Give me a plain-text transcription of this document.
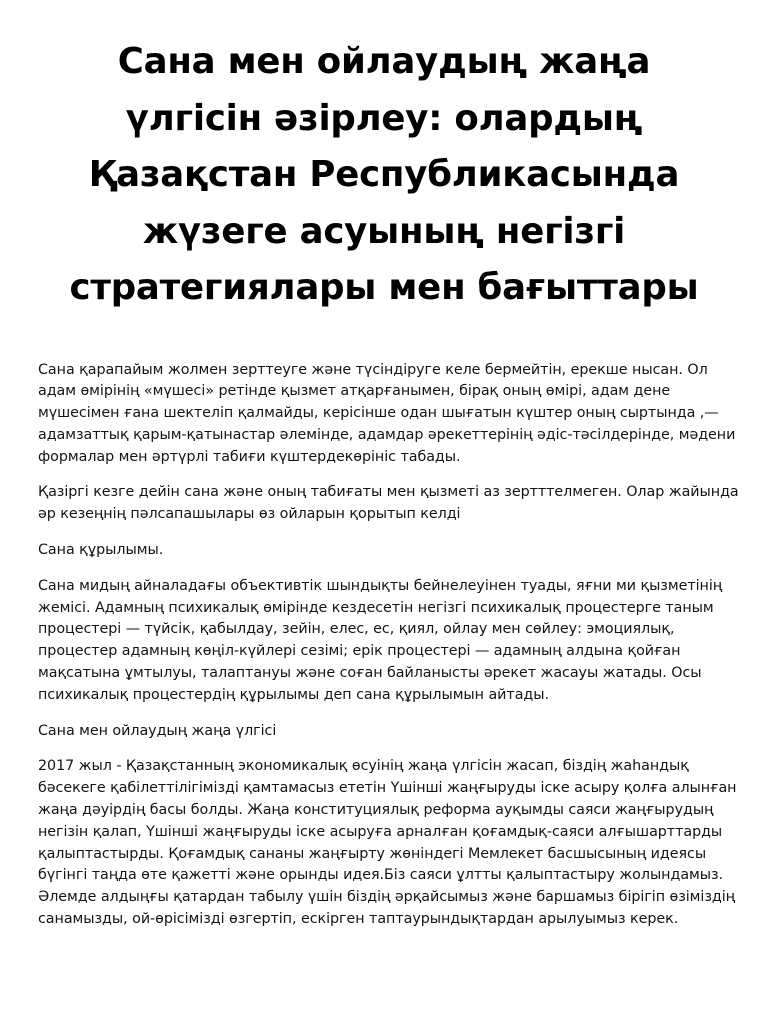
Сана мен ойлаудың жаңа
үлгісін әзірлеу: олардың
Қазақстан Республикасында
жүзеге асуының негізгі
стратегиялары мен бағыттары

Сана қарапайым жолмен зерттеуге және түсіндіруге келе бермейтін, ерекше нысан. Ол
адам өмірінің «мүшесі» ретінде қызмет атқарғанымен, бірақ оның өмірі, адам дене
мүшесімен ғана шектеліп қалмайды, керісінше одан шығатын күштер оның сыртында ,—
адамзаттық қарым-қатынастар әлемінде, адамдар әрекеттерінің әдіс-тәсілдерінде, мәдени
формалар мен әртүрлі табиғи күштердекөрініс табады.

Қазіргі кезге дейін сана және оның табиғаты мен қызметі аз зертттелмеген. Олар жайында
әр кезеңнің пәлсапашылары өз ойларын қорытып келді

Сана құрылымы.

Сана мидың айналадағы объективтік шындықты бейнелеуінен туады, яғни ми қызметінің
жемісі. Адамның психикалық өмірінде кездесетін негізгі психикалық процестерге таным
процестері — түйсік, қабылдау, зейін, елес, ес, қиял, ойлау мен сөйлеу: эмоциялық,
процестер адамның көңіл-күйлері сезімі; ерік процестері — адамның алдына қойған
мақсатына ұмтылуы, талаптануы және соған байланысты әрекет жасауы жатады. Осы
психикалық процестердің құрылымы деп сана құрылымын айтады.

Сана мен ойлаудың жаңа үлгісі

2017 жыл - Қазақстанның экономикалық өсуінің жаңа үлгісін жасап, біздің жаһандық
бәсекеге қабілеттілігімізді қамтамасыз ететін Үшінші жаңғыруды іске асыру қолға алынған
жаңа дәуірдің басы болды. Жаңа конституциялық реформа ауқымды саяси жаңғырудың
негізін қалап, Үшінші жаңғыруды іске асыруға арналған қоғамдық-саяси алғышарттарды
қалыптастырды. Қоғамдық сананы жаңғырту жөніндегі Мемлекет басшысының идеясы
бүгінгі таңда өте қажетті және орынды идея.Біз саяси ұлтты қалыптастыру жолындамыз.
Әлемде алдыңғы қатардан табылу үшін біздің әрқайсымыз және баршамыз бірігіп өзіміздің
санамызды, ой-өрісімізді өзгертіп, ескірген таптаурындықтардан арылуымыз керек.
